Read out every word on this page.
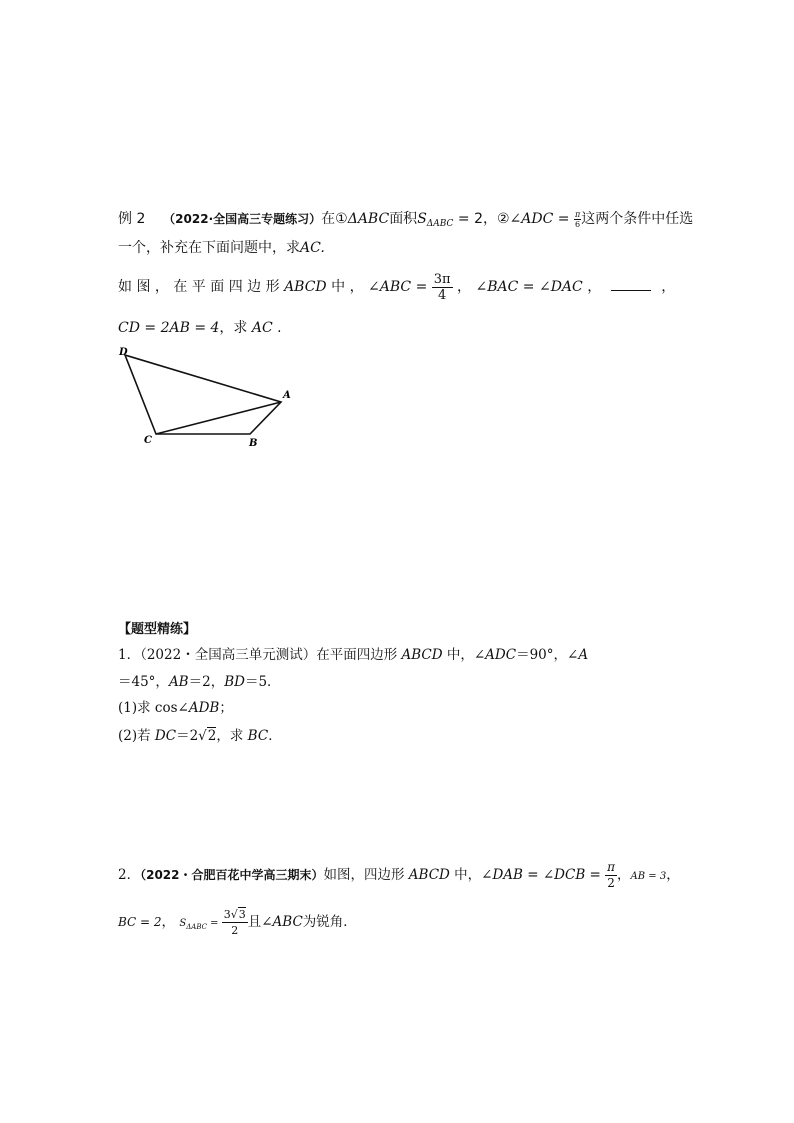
例 2 （2022·全国高三专题练习）在①ΔABC面积$S_{\Delta ABC} = 2$，②∠ADC = $\frac{\pi}{6}$ 这两个条件中任选
一个，补充在下面问题中，求AC.
如 图 ， 在 平 面 四 边 形 ABCD 中 ， ∠ABC = $\frac{3\pi}{4}$ ， ∠BAC = ∠DAC ，	，
CD = 2AB = 4，求 AC .
D
A
C	B
【题型精练】
1．（2022・全国高三单元测试）在平面四边形 ABCD 中，∠ADC＝90°，∠A
＝45°，AB＝2，BD＝5．
(1)求 cos∠ADB；
(2)若 DC＝2√2，求 BC．
2．（2022・合肥百花中学高三期末）如图，四边形 ABCD 中，∠DAB = ∠DCB = $\frac{\pi}{2}$ ，AB = 3，
BC = 2， $S_{\Delta ABC} = \frac{3√3}{2}$ 且∠ABC为锐角．
